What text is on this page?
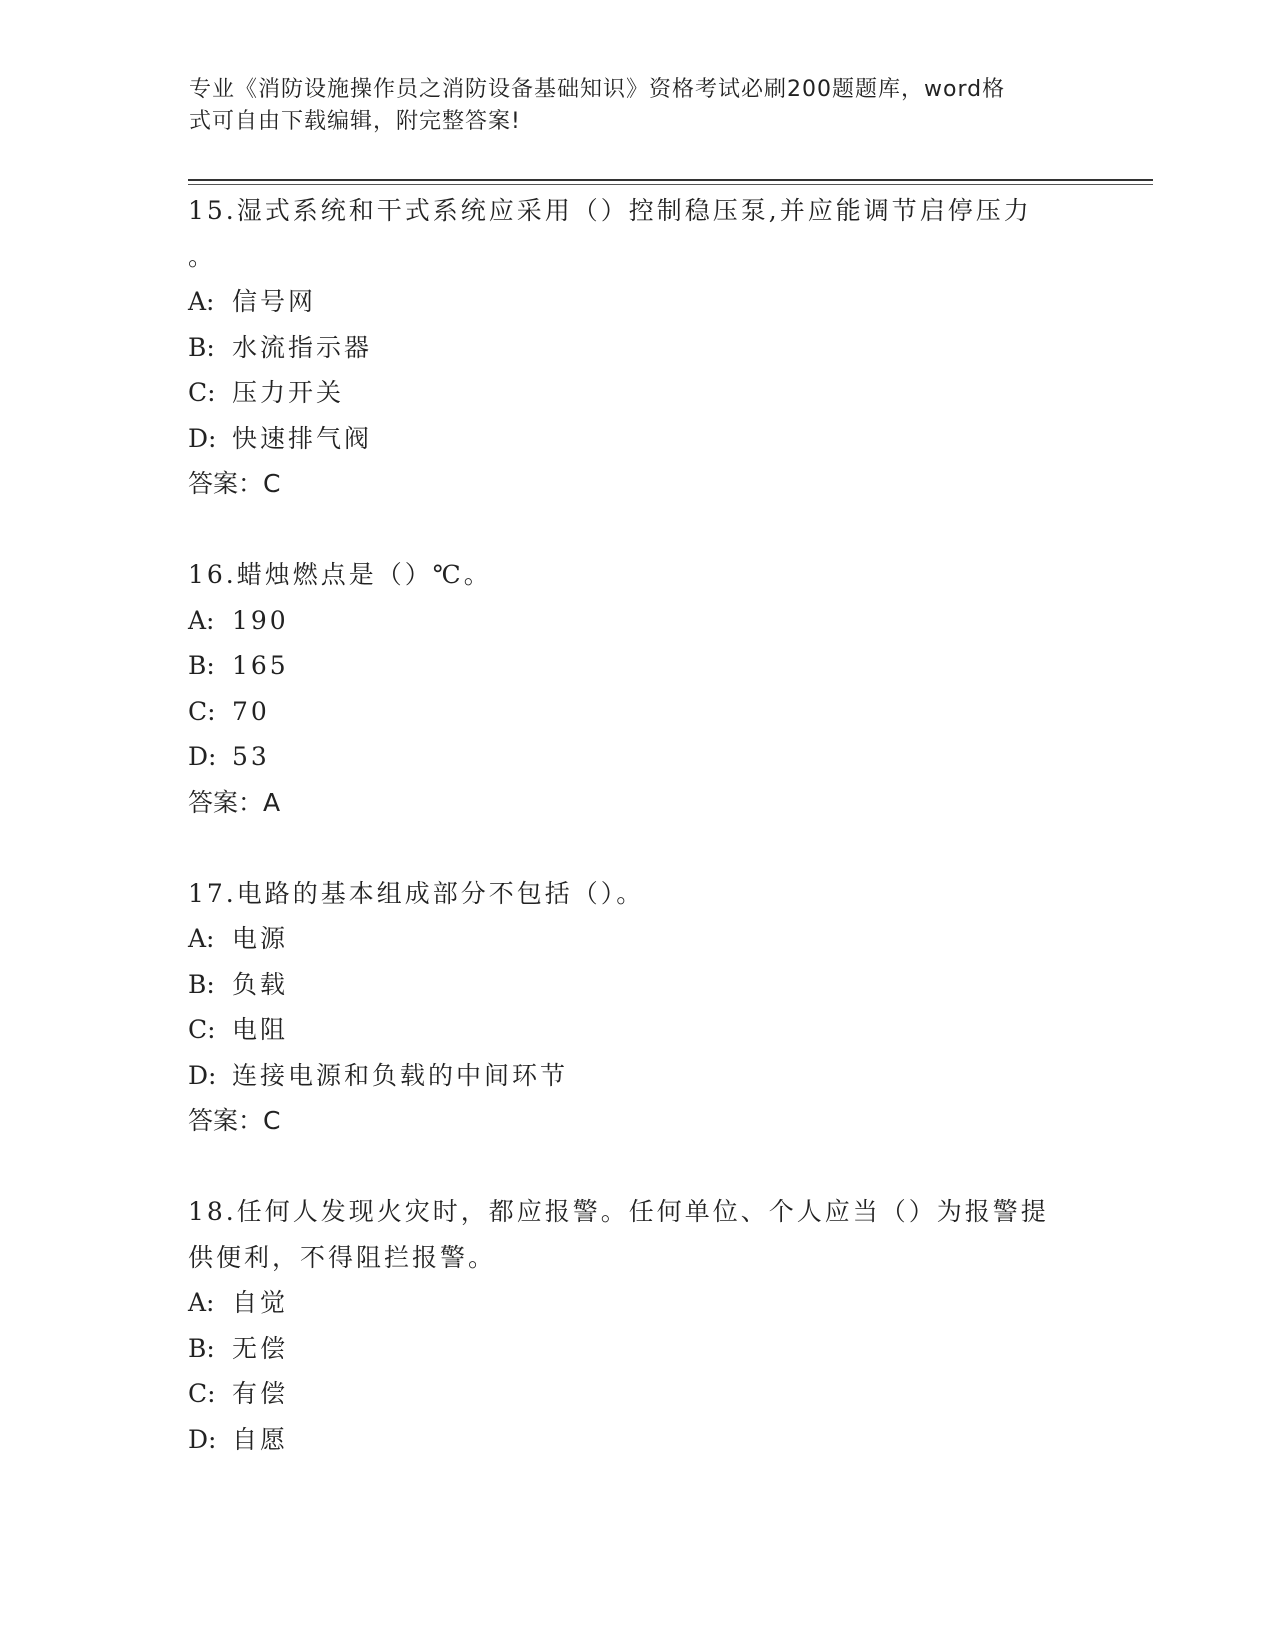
专业《消防设施操作员之消防设备基础知识》资格考试必刷200题题库，word格
式可自由下载编辑，附完整答案!
15.湿式系统和干式系统应采用（）控制稳压泵,并应能调节启停压力
。
A: 信号网
B: 水流指示器
C: 压力开关
D: 快速排气阀
答案：C
16.蜡烛燃点是（）℃。
A: 190
B: 165
C: 70
D: 53
答案：A
17.电路的基本组成部分不包括（）。
A: 电源
B: 负载
C: 电阻
D: 连接电源和负载的中间环节
答案：C
18.任何人发现火灾时，都应报警。任何单位、个人应当（）为报警提
供便利，不得阻拦报警。
A: 自觉
B: 无偿
C: 有偿
D: 自愿
